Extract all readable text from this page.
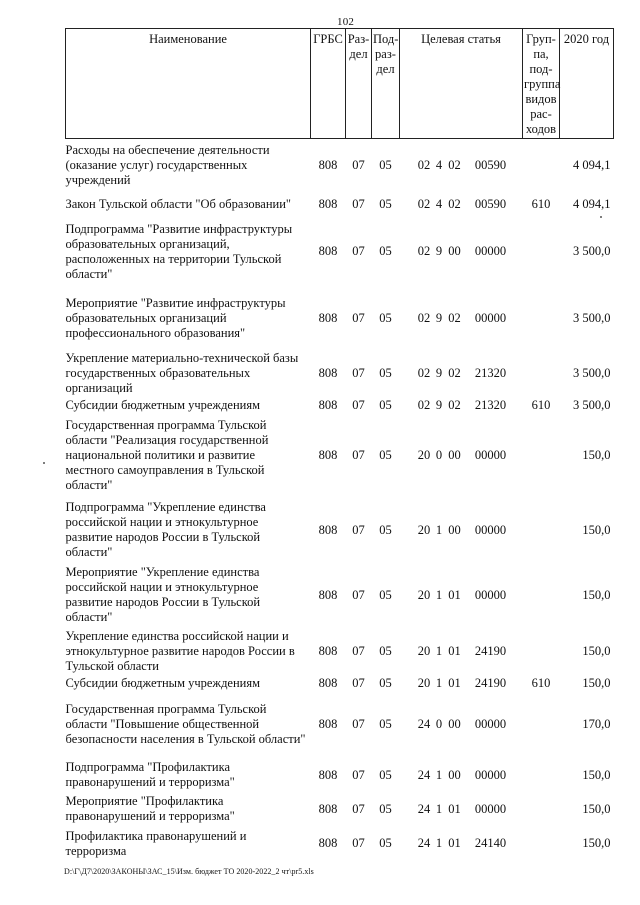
102
Наименование	ГРБС	Раз-дел	Под-раз-дел	Целевая статья	Груп-па, под-группа видов рас-ходов	2020 год
Расходы на обеспечение деятельности (оказание услуг) государственных учреждений	808	07	05	02 4 02 00590		4 094,1
Закон Тульской области "Об образовании"	808	07	05	02 4 02 00590	610	4 094,1
Подпрограмма "Развитие инфраструктуры образовательных организаций, расположенных на территории Тульской области"	808	07	05	02 9 00 00000		3 500,0
Мероприятие "Развитие инфраструктуры образовательных организаций профессионального образования"	808	07	05	02 9 02 00000		3 500,0
Укрепление материально-технической базы государственных образовательных организаций	808	07	05	02 9 02 21320		3 500,0
Субсидии бюджетным учреждениям	808	07	05	02 9 02 21320	610	3 500,0
Государственная программа Тульской области "Реализация государственной национальной политики и развитие местного самоуправления в Тульской области"	808	07	05	20 0 00 00000		150,0
Подпрограмма "Укрепление единства российской нации и этнокультурное развитие народов России в Тульской области"	808	07	05	20 1 00 00000		150,0
Мероприятие "Укрепление единства российской нации и этнокультурное развитие народов России в Тульской области"	808	07	05	20 1 01 00000		150,0
Укрепление единства российской нации и этнокультурное развитие народов России в Тульской области	808	07	05	20 1 01 24190		150,0
Субсидии бюджетным учреждениям	808	07	05	20 1 01 24190	610	150,0
Государственная программа Тульской области "Повышение общественной безопасности населения в Тульской области"	808	07	05	24 0 00 00000		170,0
Подпрограмма "Профилактика правонарушений и терроризма"	808	07	05	24 1 00 00000		150,0
Мероприятие "Профилактика правонарушений и терроризма"	808	07	05	24 1 01 00000		150,0
Профилактика правонарушений и терроризма	808	07	05	24 1 01 24140		150,0
D:\Г\Д7\2020\ЗАКОНЫ\ЗАС_15\Изм. бюджет ТО 2020-2022_2 чт\pr5.xls
